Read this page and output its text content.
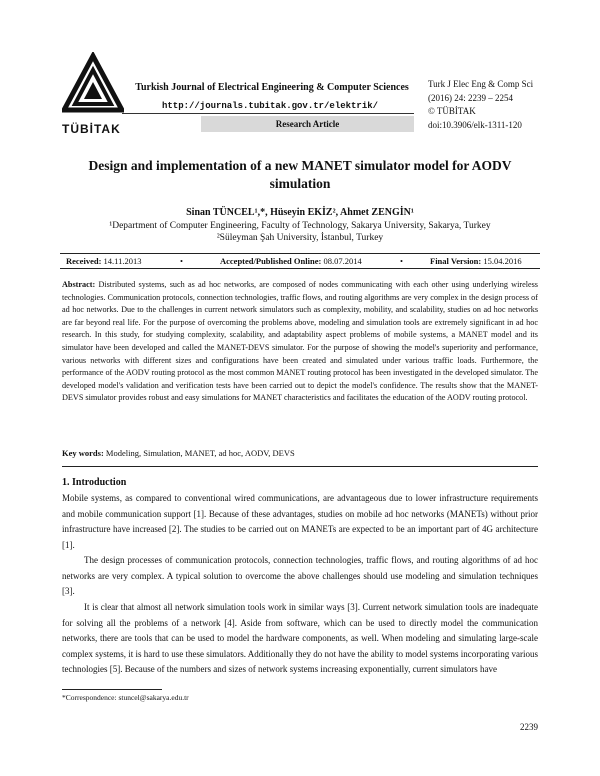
TÜBİTAK
Turkish Journal of Electrical Engineering & Computer Sciences
http://journals.tubitak.gov.tr/elektrik/
Research Article
Turk J Elec Eng & Comp Sci
(2016) 24: 2239 – 2254
© TÜBİTAK
doi:10.3906/elk-1311-120
Design and implementation of a new MANET simulator model for AODV simulation
Sinan TÜNCEL¹,*, Hüseyin EKİZ², Ahmet ZENGİN¹
¹Department of Computer Engineering, Faculty of Technology, Sakarya University, Sakarya, Turkey
²Süleyman Şah University, İstanbul, Turkey
Received: 14.11.2013	•	Accepted/Published Online: 08.07.2014	•	Final Version: 15.04.2016
Abstract: Distributed systems, such as ad hoc networks, are composed of nodes communicating with each other using underlying wireless technologies. Communication protocols, connection technologies, traffic flows, and routing algorithms are very complex in the design process of ad hoc networks. Due to the challenges in current network simulators such as complexity, mobility, and scalability, studies on ad hoc networks are far beyond real life. For the purpose of overcoming the problems above, modeling and simulation tools are extremely significant in ad hoc research. In this study, for studying complexity, scalability, and adaptability aspect problems of mobile systems, a MANET model and its simulator have been developed and called the MANET-DEVS simulator. For the purpose of showing the model's superiority and performance, various networks with different sizes and configurations have been created and simulated under various traffic loads. Furthermore, the performance of the AODV routing protocol as the most common MANET routing protocol has been investigated in the developed simulator. The developed model's validation and verification tests have been carried out to depict the model's confidence. The results show that the MANET-DEVS simulator provides robust and easy simulations for MANET characteristics and facilitates the education of the AODV routing protocol.
Key words: Modeling, Simulation, MANET, ad hoc, AODV, DEVS
1. Introduction
Mobile systems, as compared to conventional wired communications, are advantageous due to lower infrastructure requirements and mobile communication support [1]. Because of these advantages, studies on mobile ad hoc networks (MANETs) without prior infrastructure have increased [2]. The studies to be carried out on MANETs are expected to be an important part of 4G architecture [1].
The design processes of communication protocols, connection technologies, traffic flows, and routing algorithms of ad hoc networks are very complex. A typical solution to overcome the above challenges should use modeling and simulation techniques [3].
It is clear that almost all network simulation tools work in similar ways [3]. Current network simulation tools are inadequate for solving all the problems of a network [4]. Aside from software, which can be used to directly model the communication networks, there are tools that can be used to model the hardware components, as well. When modeling and simulating large-scale complex systems, it is hard to use these simulators. Additionally they do not have the ability to model systems incorporating various technologies [5]. Because of the numbers and sizes of network systems increasing exponentially, current simulators have
*Correspondence: stuncel@sakarya.edu.tr
2239
